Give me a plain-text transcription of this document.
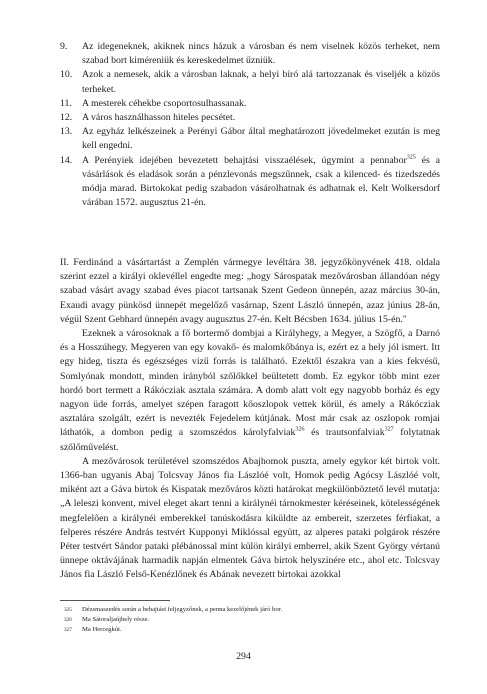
9.	Az idegeneknek, akiknek nincs házuk a városban és nem viselnek közös terheket, nem szabad bort kiméreniük és kereskedelmet űzniük.
10. Azok a nemesek, akik a városban laknak, a helyi bíró alá tartozzanak és viseljék a közös terheket.
11.	A mesterek céhekbe csoportosulhassanak.
12. A város használhasson hiteles pecsétet.
13. Az egyház lelkészeinek a Perényi Gábor által meghatározott jövedelmeket ezután is meg kell engedni.
14. A Perényiek idejében bevezetett behajtási visszaélések, úgymint a pennabor$^{325}$ és a vásárlások és eladások során a pénzlevonás megszűnnek, csak a kilenced- és tizedszedés módja marad. Birtokokat pedig szabadon vásárolhatnak és adhatnak el. Kelt Wolkersdorf várában 1572. augusztus 21-én.

II. Ferdinánd a vásártartást a Zemplén vármegye levéltára 38. jegyzőkönyvének 418. oldala szerint ezzel a királyi oklevéllel engedte meg: „hogy Sárospatak mezővárosban állandóan négy szabad vásárt avagy szabad éves piacot tartsanak Szent Gedeon ünnepén, azaz március 30-án, Exaudi avagy pünkösd ünnepét megelőző vasárnap, Szent László ünnepén, azaz június 28-án, végül Szent Gebhard ünnepén avagy augusztus 27-én. Kelt Bécsben 1634. július 15-én."

Ezeknek a városoknak a fő bortermő dombjai a Királyhegy, a Megyer, a Szögfő, a Darnó és a Hosszúhegy. Megyeren van egy kovakő- és malomkőbánya is, ezért ez a hely jól ismert. Itt egy hideg, tiszta és egészséges vizű forrás is található. Ezektől északra van a kies fekvésű, Somlyónak mondott, minden irányból szőlőkkel beültetett domb. Ez egykor több mint ezer hordó bort termett a Rákócziak asztala számára. A domb alatt volt egy nagyobb borház és egy nagyon üde forrás, amelyet szépen faragott kőoszlopok vettek körül, és amely a Rákócziak asztalára szolgált, ezért is nevezték Fejedelem kútjának. Most már csak az oszlopok romjai láthatók, a dombon pedig a szomszédos károlyfalviak$^{326}$ és trautsonfalviak$^{327}$ folytatnak szőlőművelést.

A mezővárosok területével szomszédos Abajhomok puszta, amely egykor két birtok volt. 1366-ban ugyanis Abaj Tolcsvay János fia Lászlóé volt, Homok pedig Agócsy Lászlóé volt, miként azt a Gáva birtok és Kispatak mezőváros közti határokat megkülönböztető levél mutatja: „A leleszi konvent, mivel eleget akart tenni a királynéi tárnokmester kéréseinek, kötelességének megfelelően a királynéi emberekkel tanúskodásra kiküldte az embereit, szerzetes férfiakat, a felperes részére András testvért Kupponyi Miklóssal együtt, az alperes pataki polgárok részére Péter testvért Sándor pataki plébánossal mint külön királyi emberrel, akik Szent György vértanú ünnepe oktávájának harmadik napján elmentek Gáva birtok helyszínére etc., ahol etc. Tolcsvay János fia László Felső-Kenézlőnek és Abának nevezett birtokai azokkal

325	Dézsmaszedés során a behajtást feljegyzőnek, a penna kezelőjének járó bor.
326	Ma Sátoraljaújhely része.
327	Ma Hercegkút.
294
